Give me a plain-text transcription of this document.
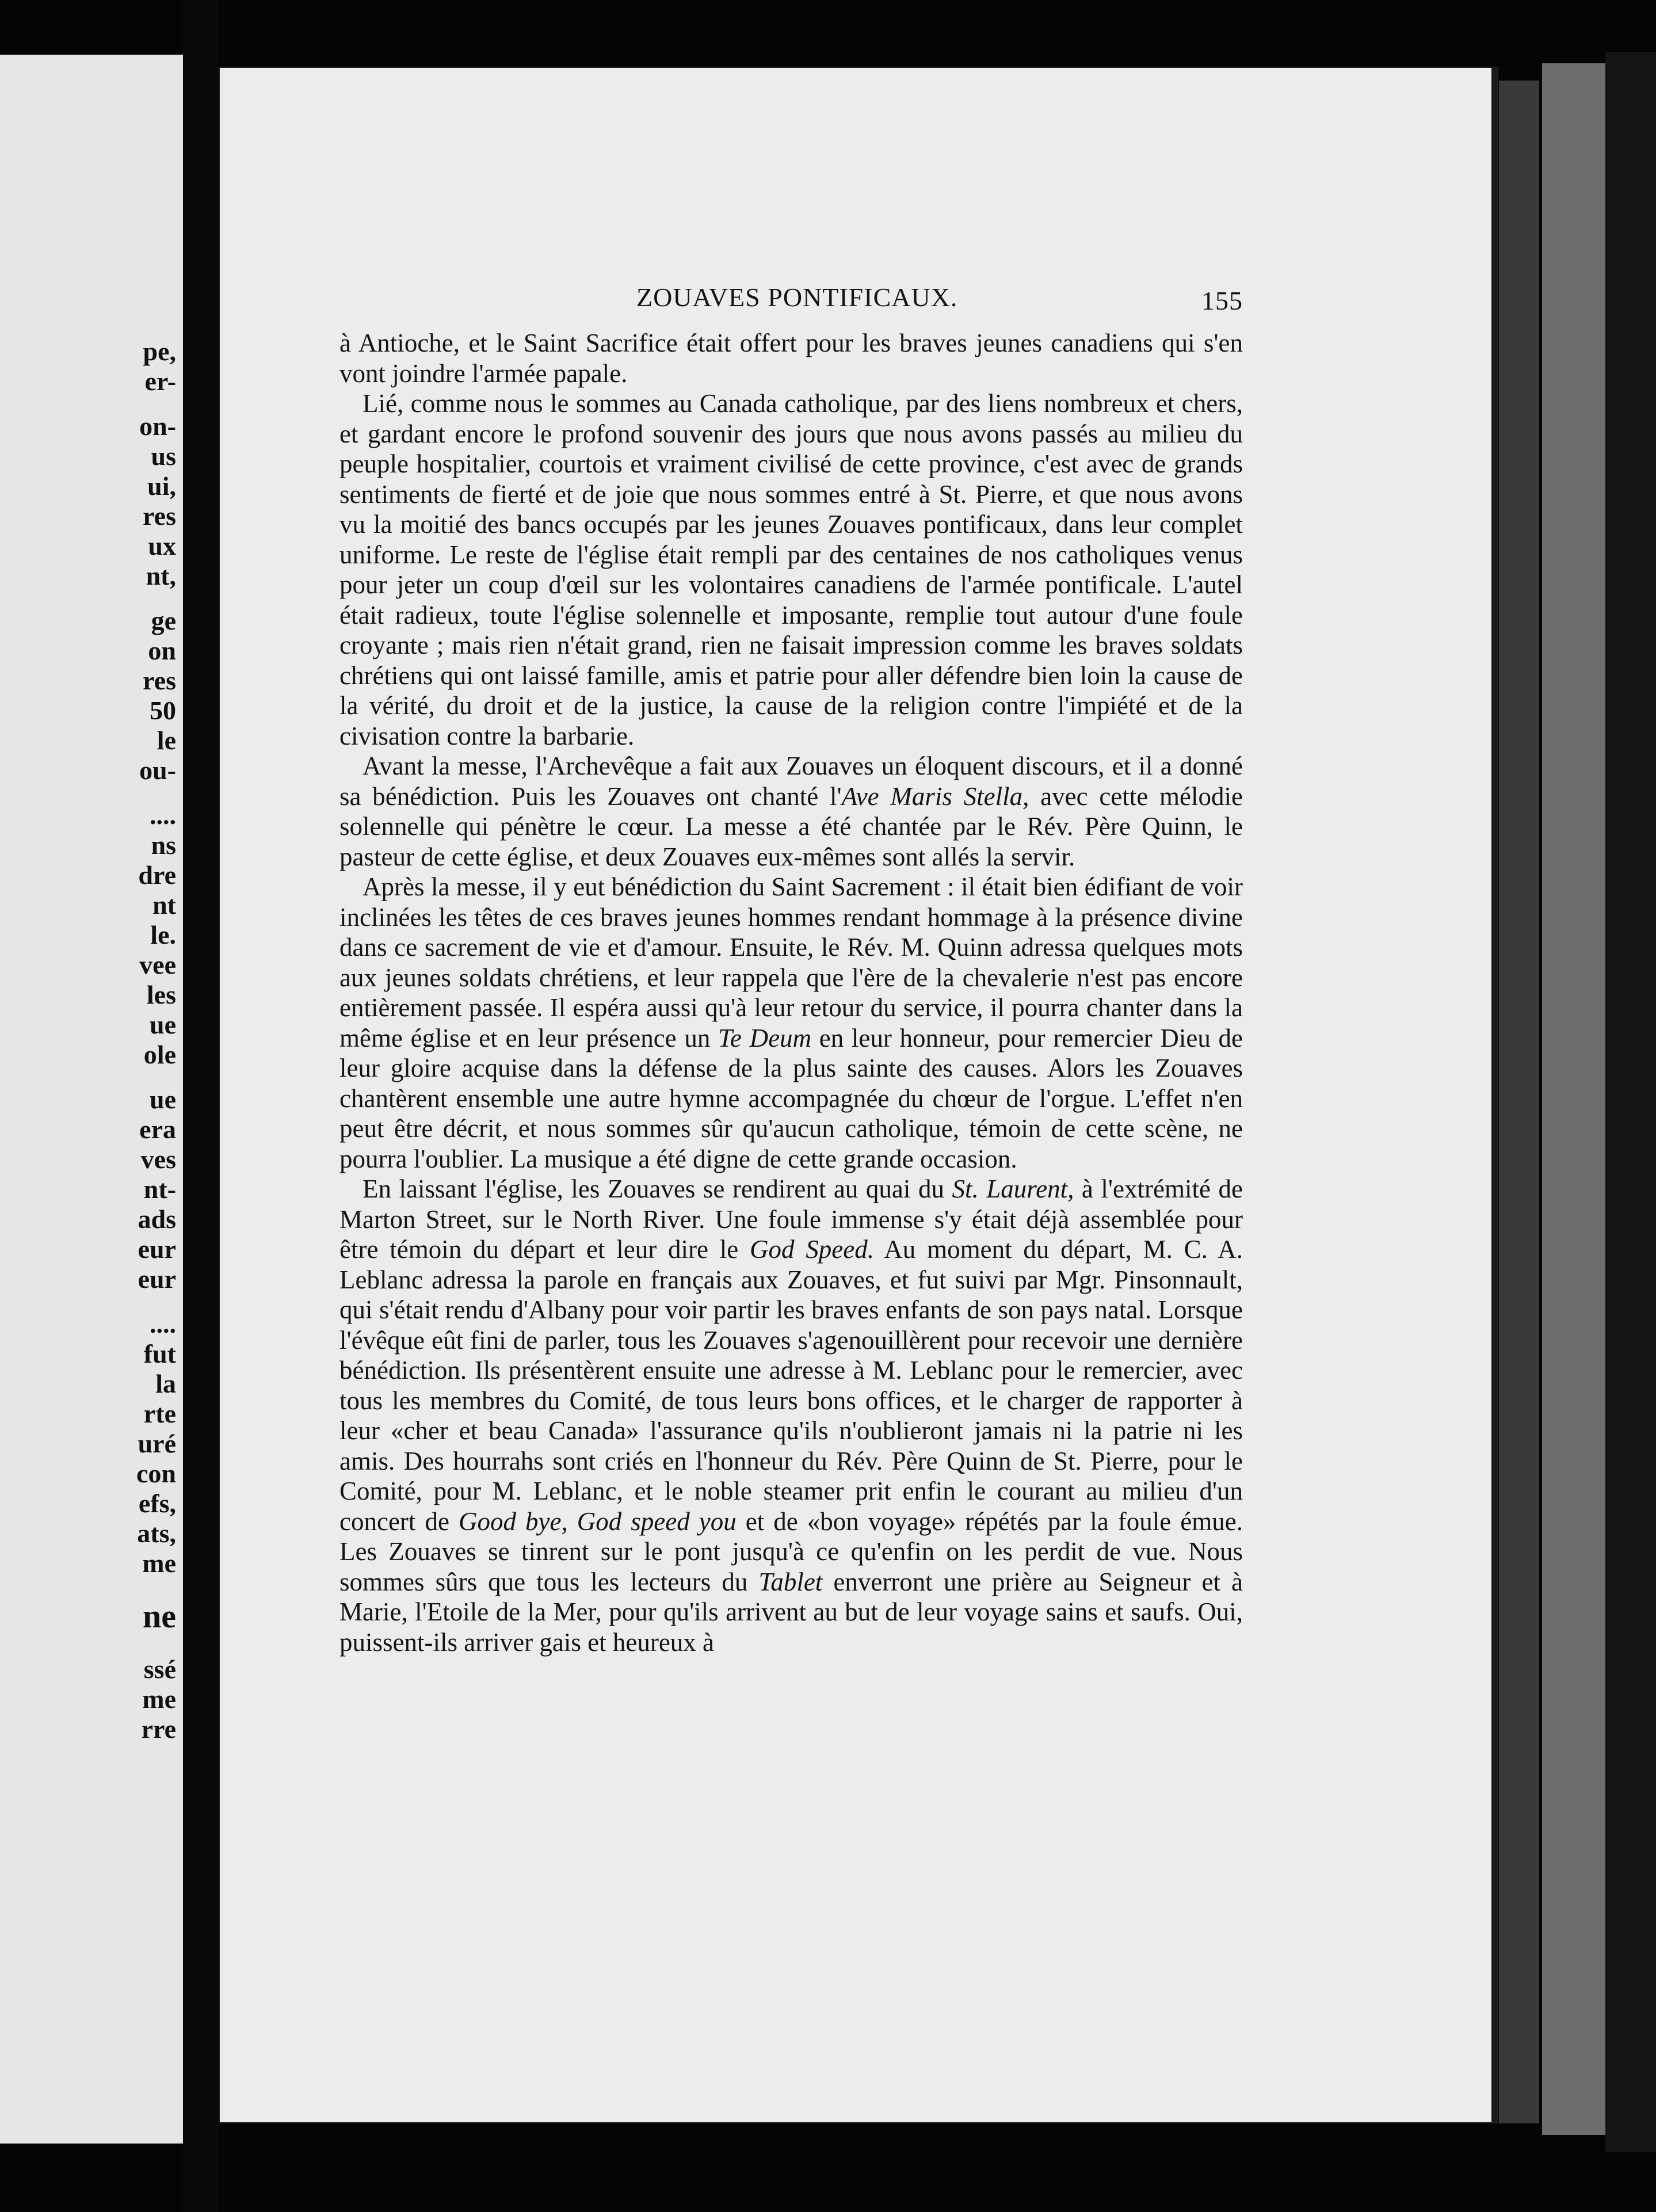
pe,
er-
on-
us
ui,
res
ux
nt,
ge
on
res
50
le
ou-
....
ns
dre
nt
le.
vee
les
ue
ole
ue
era
ves
nt-
ads
eur
eur
....
fut
la
rte
uré
con
efs,
ats,
me
ne
ssé
me
rre
ZOUAVES PONTIFICAUX.	155

à Antioche, et le Saint Sacrifice était offert pour les braves jeunes canadiens qui s'en vont joindre l'armée papale.

Lié, comme nous le sommes au Canada catholique, par des liens nombreux et chers, et gardant encore le profond souvenir des jours que nous avons passés au milieu du peuple hospitalier, courtois et vraiment civilisé de cette province, c'est avec de grands sentiments de fierté et de joie que nous sommes entré à St. Pierre, et que nous avons vu la moitié des bancs occupés par les jeunes Zouaves pontificaux, dans leur complet uniforme. Le reste de l'église était rempli par des centaines de nos catholiques venus pour jeter un coup d'œil sur les volontaires canadiens de l'armée pontificale. L'autel était radieux, toute l'église solennelle et imposante, remplie tout autour d'une foule croyante ; mais rien n'était grand, rien ne faisait impression comme les braves soldats chrétiens qui ont laissé famille, amis et patrie pour aller défendre bien loin la cause de la vérité, du droit et de la justice, la cause de la religion contre l'impiété et de la civisation contre la barbarie.

Avant la messe, l'Archevêque a fait aux Zouaves un éloquent discours, et il a donné sa bénédiction. Puis les Zouaves ont chanté l'Ave Maris Stella, avec cette mélodie solennelle qui pénètre le cœur. La messe a été chantée par le Rév. Père Quinn, le pasteur de cette église, et deux Zouaves eux-mêmes sont allés la servir.

Après la messe, il y eut bénédiction du Saint Sacrement : il était bien édifiant de voir inclinées les têtes de ces braves jeunes hommes rendant hommage à la présence divine dans ce sacrement de vie et d'amour. Ensuite, le Rév. M. Quinn adressa quelques mots aux jeunes soldats chrétiens, et leur rappela que l'ère de la chevalerie n'est pas encore entièrement passée. Il espéra aussi qu'à leur retour du service, il pourra chanter dans la même église et en leur présence un Te Deum en leur honneur, pour remercier Dieu de leur gloire acquise dans la défense de la plus sainte des causes. Alors les Zouaves chantèrent ensemble une autre hymne accompagnée du chœur de l'orgue. L'effet n'en peut être décrit, et nous sommes sûr qu'aucun catholique, témoin de cette scène, ne pourra l'oublier. La musique a été digne de cette grande occasion.

En laissant l'église, les Zouaves se rendirent au quai du St. Laurent, à l'extrémité de Marton Street, sur le North River. Une foule immense s'y était déjà assemblée pour être témoin du départ et leur dire le God Speed. Au moment du départ, M. C. A. Leblanc adressa la parole en français aux Zouaves, et fut suivi par Mgr. Pinsonnault, qui s'était rendu d'Albany pour voir partir les braves enfants de son pays natal. Lorsque l'évêque eût fini de parler, tous les Zouaves s'agenouillèrent pour recevoir une dernière bénédiction. Ils présentèrent ensuite une adresse à M. Leblanc pour le remercier, avec tous les membres du Comité, de tous leurs bons offices, et le charger de rapporter à leur «cher et beau Canada» l'assurance qu'ils n'oublieront jamais ni la patrie ni les amis. Des hourrahs sont criés en l'honneur du Rév. Père Quinn de St. Pierre, pour le Comité, pour M. Leblanc, et le noble steamer prit enfin le courant au milieu d'un concert de Good bye, God speed you et de «bon voyage» répétés par la foule émue. Les Zouaves se tinrent sur le pont jusqu'à ce qu'enfin on les perdit de vue. Nous sommes sûrs que tous les lecteurs du Tablet enverront une prière au Seigneur et à Marie, l'Etoile de la Mer, pour qu'ils arrivent au but de leur voyage sains et saufs. Oui, puissent-ils arriver gais et heureux à
